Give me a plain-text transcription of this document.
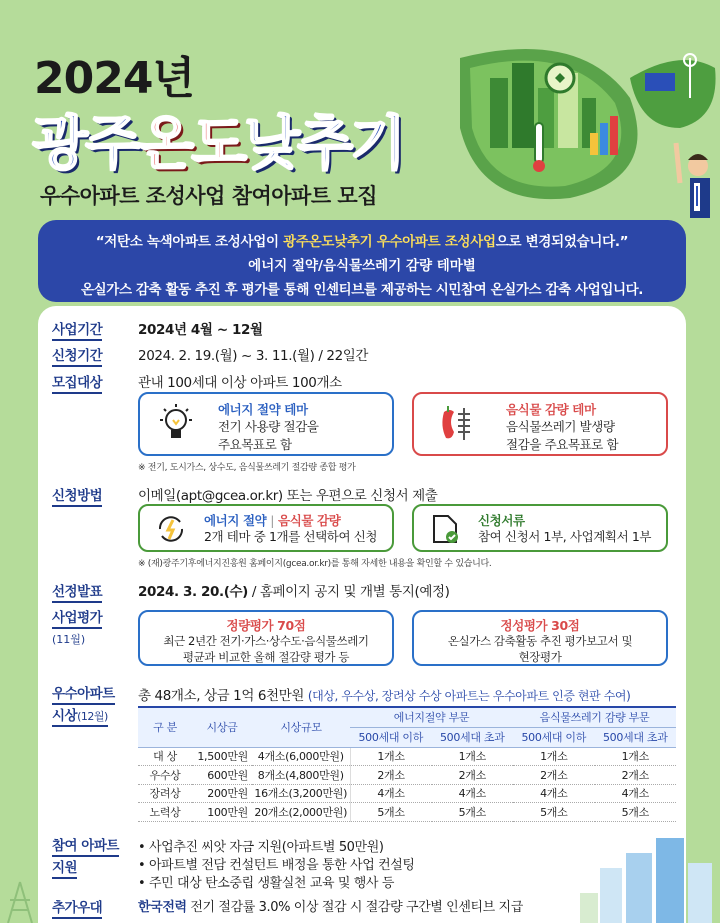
2024년
광주온도낮추기
우수아파트 조성사업 참여아파트 모집
“저탄소 녹색아파트 조성사업이 광주온도낮추기 우수아파트 조성사업으로 변경되었습니다.”
에너지 절약/음식물쓰레기 감량 테마별
온실가스 감축 활동 추진 후 평가를 통해 인센티브를 제공하는 시민참여 온실가스 감축 사업입니다.
사업기간	2024년 4월 ~ 12월
신청기간	2024. 2. 19.(월) ~ 3. 11.(월) / 22일간
모집대상	관내 100세대 이상 아파트 100개소
에너지 절약 테마
전기 사용량 절감을
주요목표로 함
음식물 감량 테마
음식물쓰레기 발생량
절감을 주요목표로 함
※ 전기, 도시가스, 상수도, 음식물쓰레기 절감량 종합 평가
신청방법	이메일(apt@gcea.or.kr) 또는 우편으로 신청서 제출
에너지 절약 | 음식물 감량
2개 테마 중 1개를 선택하여 신청
신청서류
참여 신청서 1부, 사업계획서 1부
※ (재)광주기후에너지진흥원 홈페이지(gcea.or.kr)를 통해 자세한 내용을 확인할 수 있습니다.
선정발표	2024. 3. 20.(수) / 홈페이지 공지 및 개별 통지(예정)
사업평가
(11월)
정량평가 70점
최근 2년간 전기·가스·상수도·음식물쓰레기
평균과 비교한 올해 절감량 평가 등
정성평가 30점
온실가스 감축활동 추진 평가보고서 및
현장평가
우수아파트
시상(12월)
총 48개소, 상금 1억 6천만원 (대상, 우수상, 장려상 수상 아파트는 우수아파트 인증 현판 수여)
구 분	시상금	시상규모	에너지절약 부문		음식물쓰레기 감량 부문	
			500세대 이하	500세대 초과	500세대 이하	500세대 초과
대 상	1,500만원	4개소(6,000만원)	1개소	1개소	1개소	1개소
우수상	600만원	8개소(4,800만원)	2개소	2개소	2개소	2개소
장려상	200만원	16개소(3,200만원)	4개소	4개소	4개소	4개소
노력상	100만원	20개소(2,000만원)	5개소	5개소	5개소	5개소
참여 아파트
지원
• 사업추진 씨앗 자금 지원(아파트별 50만원)
• 아파트별 전담 컨설턴트 배정을 통한 사업 컨설팅
• 주민 대상 탄소중립 생활실천 교육 및 행사 등
추가우대	한국전력 전기 절감률 3.0% 이상 절감 시 절감량 구간별 인센티브 지급
